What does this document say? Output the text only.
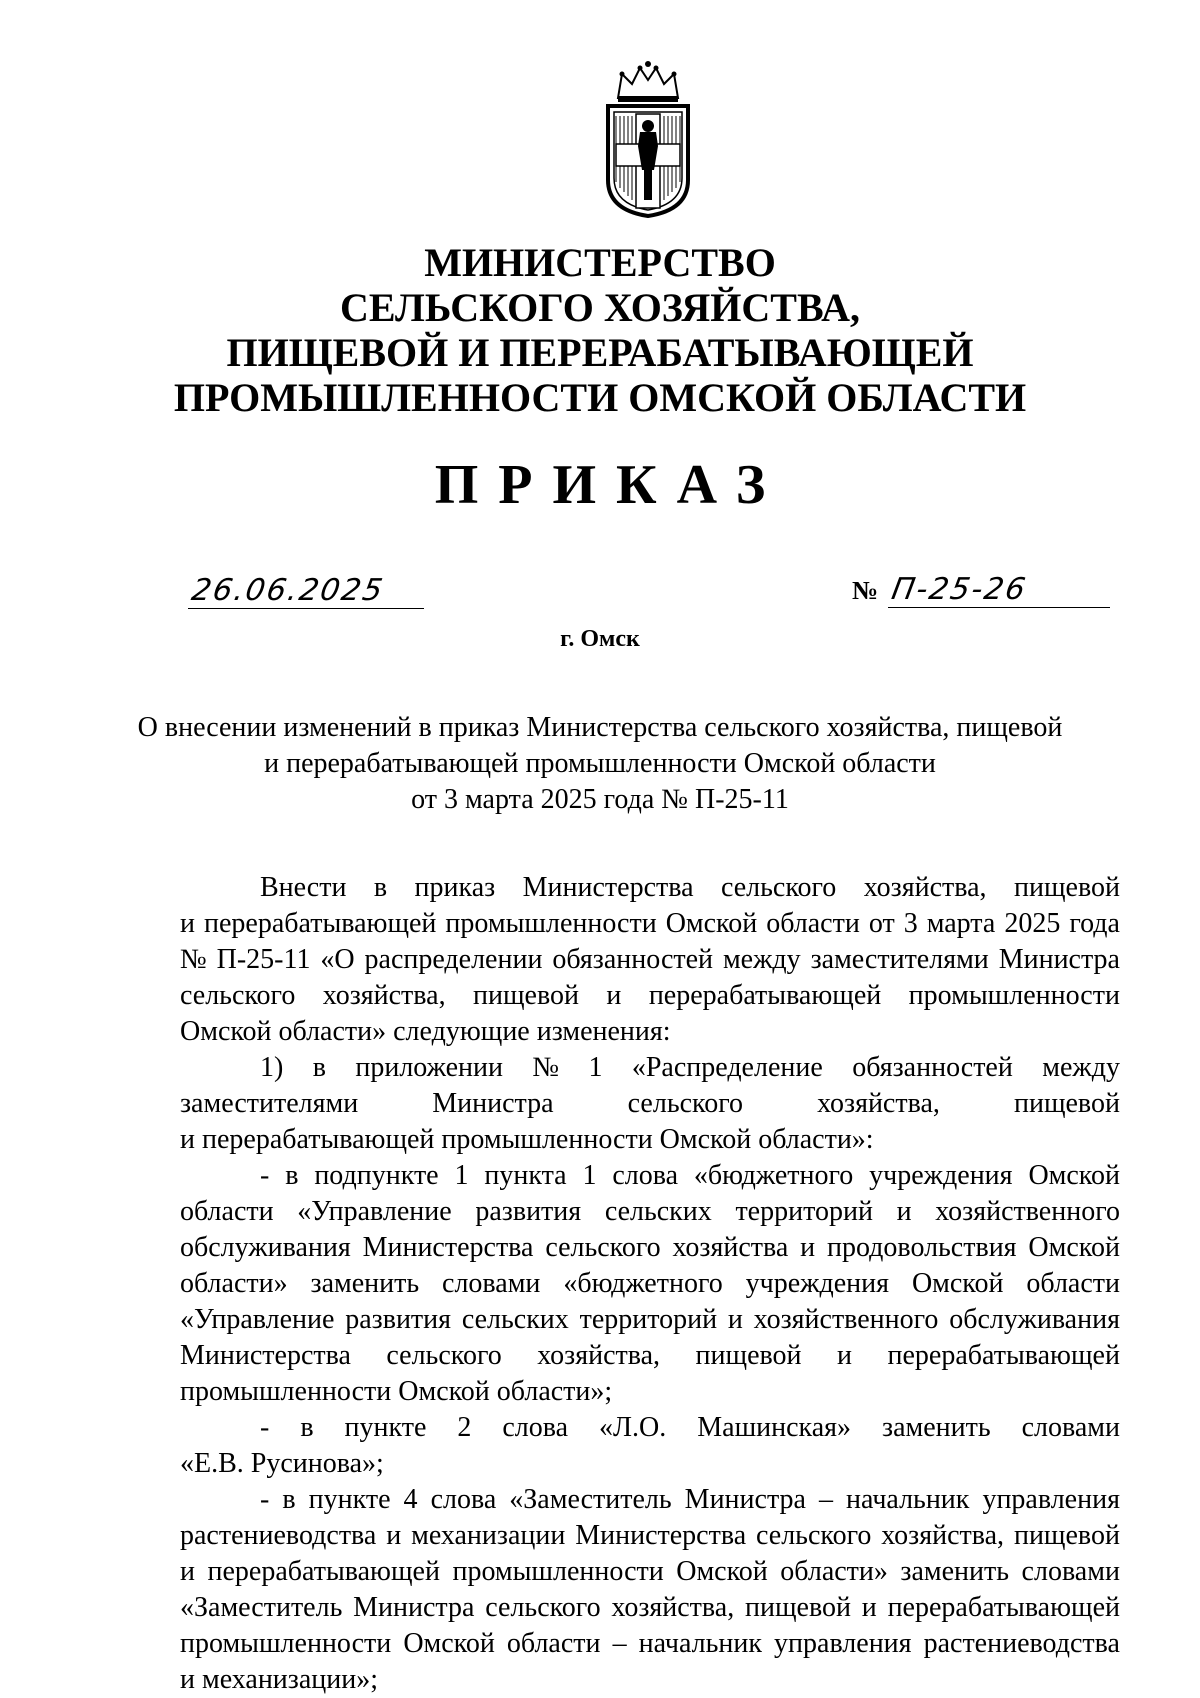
МИНИСТЕРСТВО
СЕЛЬСКОГО ХОЗЯЙСТВА,
ПИЩЕВОЙ И ПЕРЕРАБАТЫВАЮЩЕЙ
ПРОМЫШЛЕННОСТИ ОМСКОЙ ОБЛАСТИ
ПРИКАЗ
26.06.2025	№ П-25-26
г. Омск
О внесении изменений в приказ Министерства сельского хозяйства, пищевой
и перерабатывающей промышленности Омской области
от 3 марта 2025 года № П-25-11
Внести в приказ Министерства сельского хозяйства, пищевой
и перерабатывающей промышленности Омской области от 3 марта 2025 года
№ П-25-11 «О распределении обязанностей между заместителями Министра
сельского хозяйства, пищевой и перерабатывающей промышленности
Омской области» следующие изменения:
1) в приложении № 1 «Распределение обязанностей между
заместителями	Министра	сельского	хозяйства,	пищевой
и перерабатывающей промышленности Омской области»:
- в подпункте 1 пункта 1 слова «бюджетного учреждения Омской
области «Управление развития сельских территорий и хозяйственного
обслуживания Министерства сельского хозяйства и продовольствия Омской
области» заменить словами «бюджетного учреждения Омской области
«Управление развития сельских территорий и хозяйственного обслуживания
Министерства сельского хозяйства, пищевой и перерабатывающей
промышленности Омской области»;
- в пункте 2 слова «Л.О. Машинская» заменить словами
«Е.В. Русинова»;
- в пункте 4 слова «Заместитель Министра – начальник управления
растениеводства и механизации Министерства сельского хозяйства, пищевой
и перерабатывающей промышленности Омской области» заменить словами
«Заместитель Министра сельского хозяйства, пищевой и перерабатывающей
промышленности Омской области – начальник управления растениеводства
и механизации»;
